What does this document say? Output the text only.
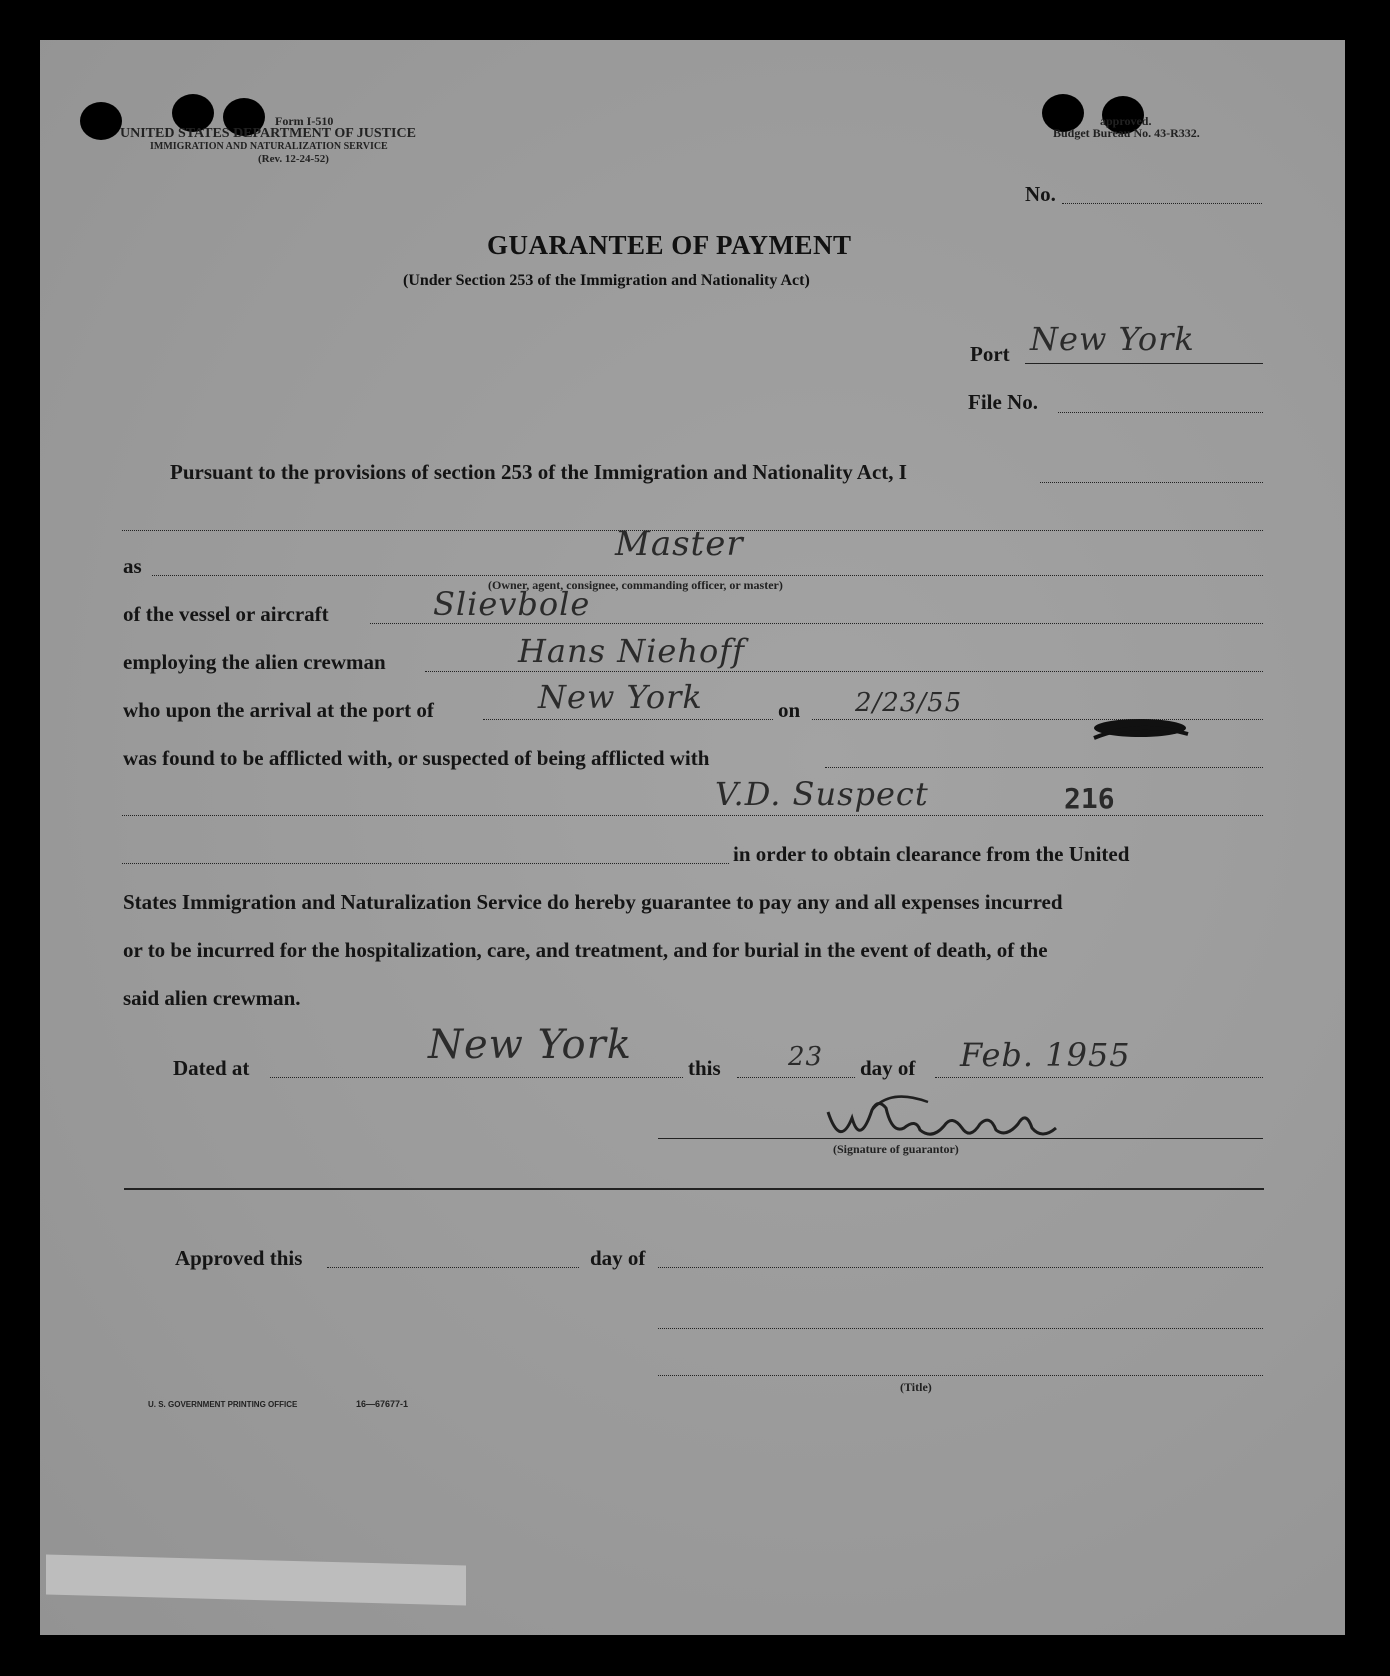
Form I-510
UNITED STATES DEPARTMENT OF JUSTICE
IMMIGRATION AND NATURALIZATION SERVICE
(Rev. 12-24-52)
approved.
Budget Bureau No. 43-R332.
No.
GUARANTEE OF PAYMENT
(Under Section 253 of the Immigration and Nationality Act)
Port New York
File No.
Pursuant to the provisions of section 253 of the Immigration and Nationality Act, I
as
Master
(Owner, agent, consignee, commanding officer, or master)
of the vessel or aircraft	Slievbole
employing the alien crewman	Hans Niehoff
who upon the arrival at the port of	New York	on 2/23/55
was found to be afflicted with, or suspected of being afflicted with
V.D. Suspect	216
in order to obtain clearance from the United
States Immigration and Naturalization Service do hereby guarantee to pay any and all expenses incurred
or to be incurred for the hospitalization, care, and treatment, and for burial in the event of death, of the
said alien crewman.
Dated at	New York	this	23 day of Feb. 1955
(Signature of guarantor)
Approved this	day of
(Title)
U. S. GOVERNMENT PRINTING OFFICE	16—67677-1
